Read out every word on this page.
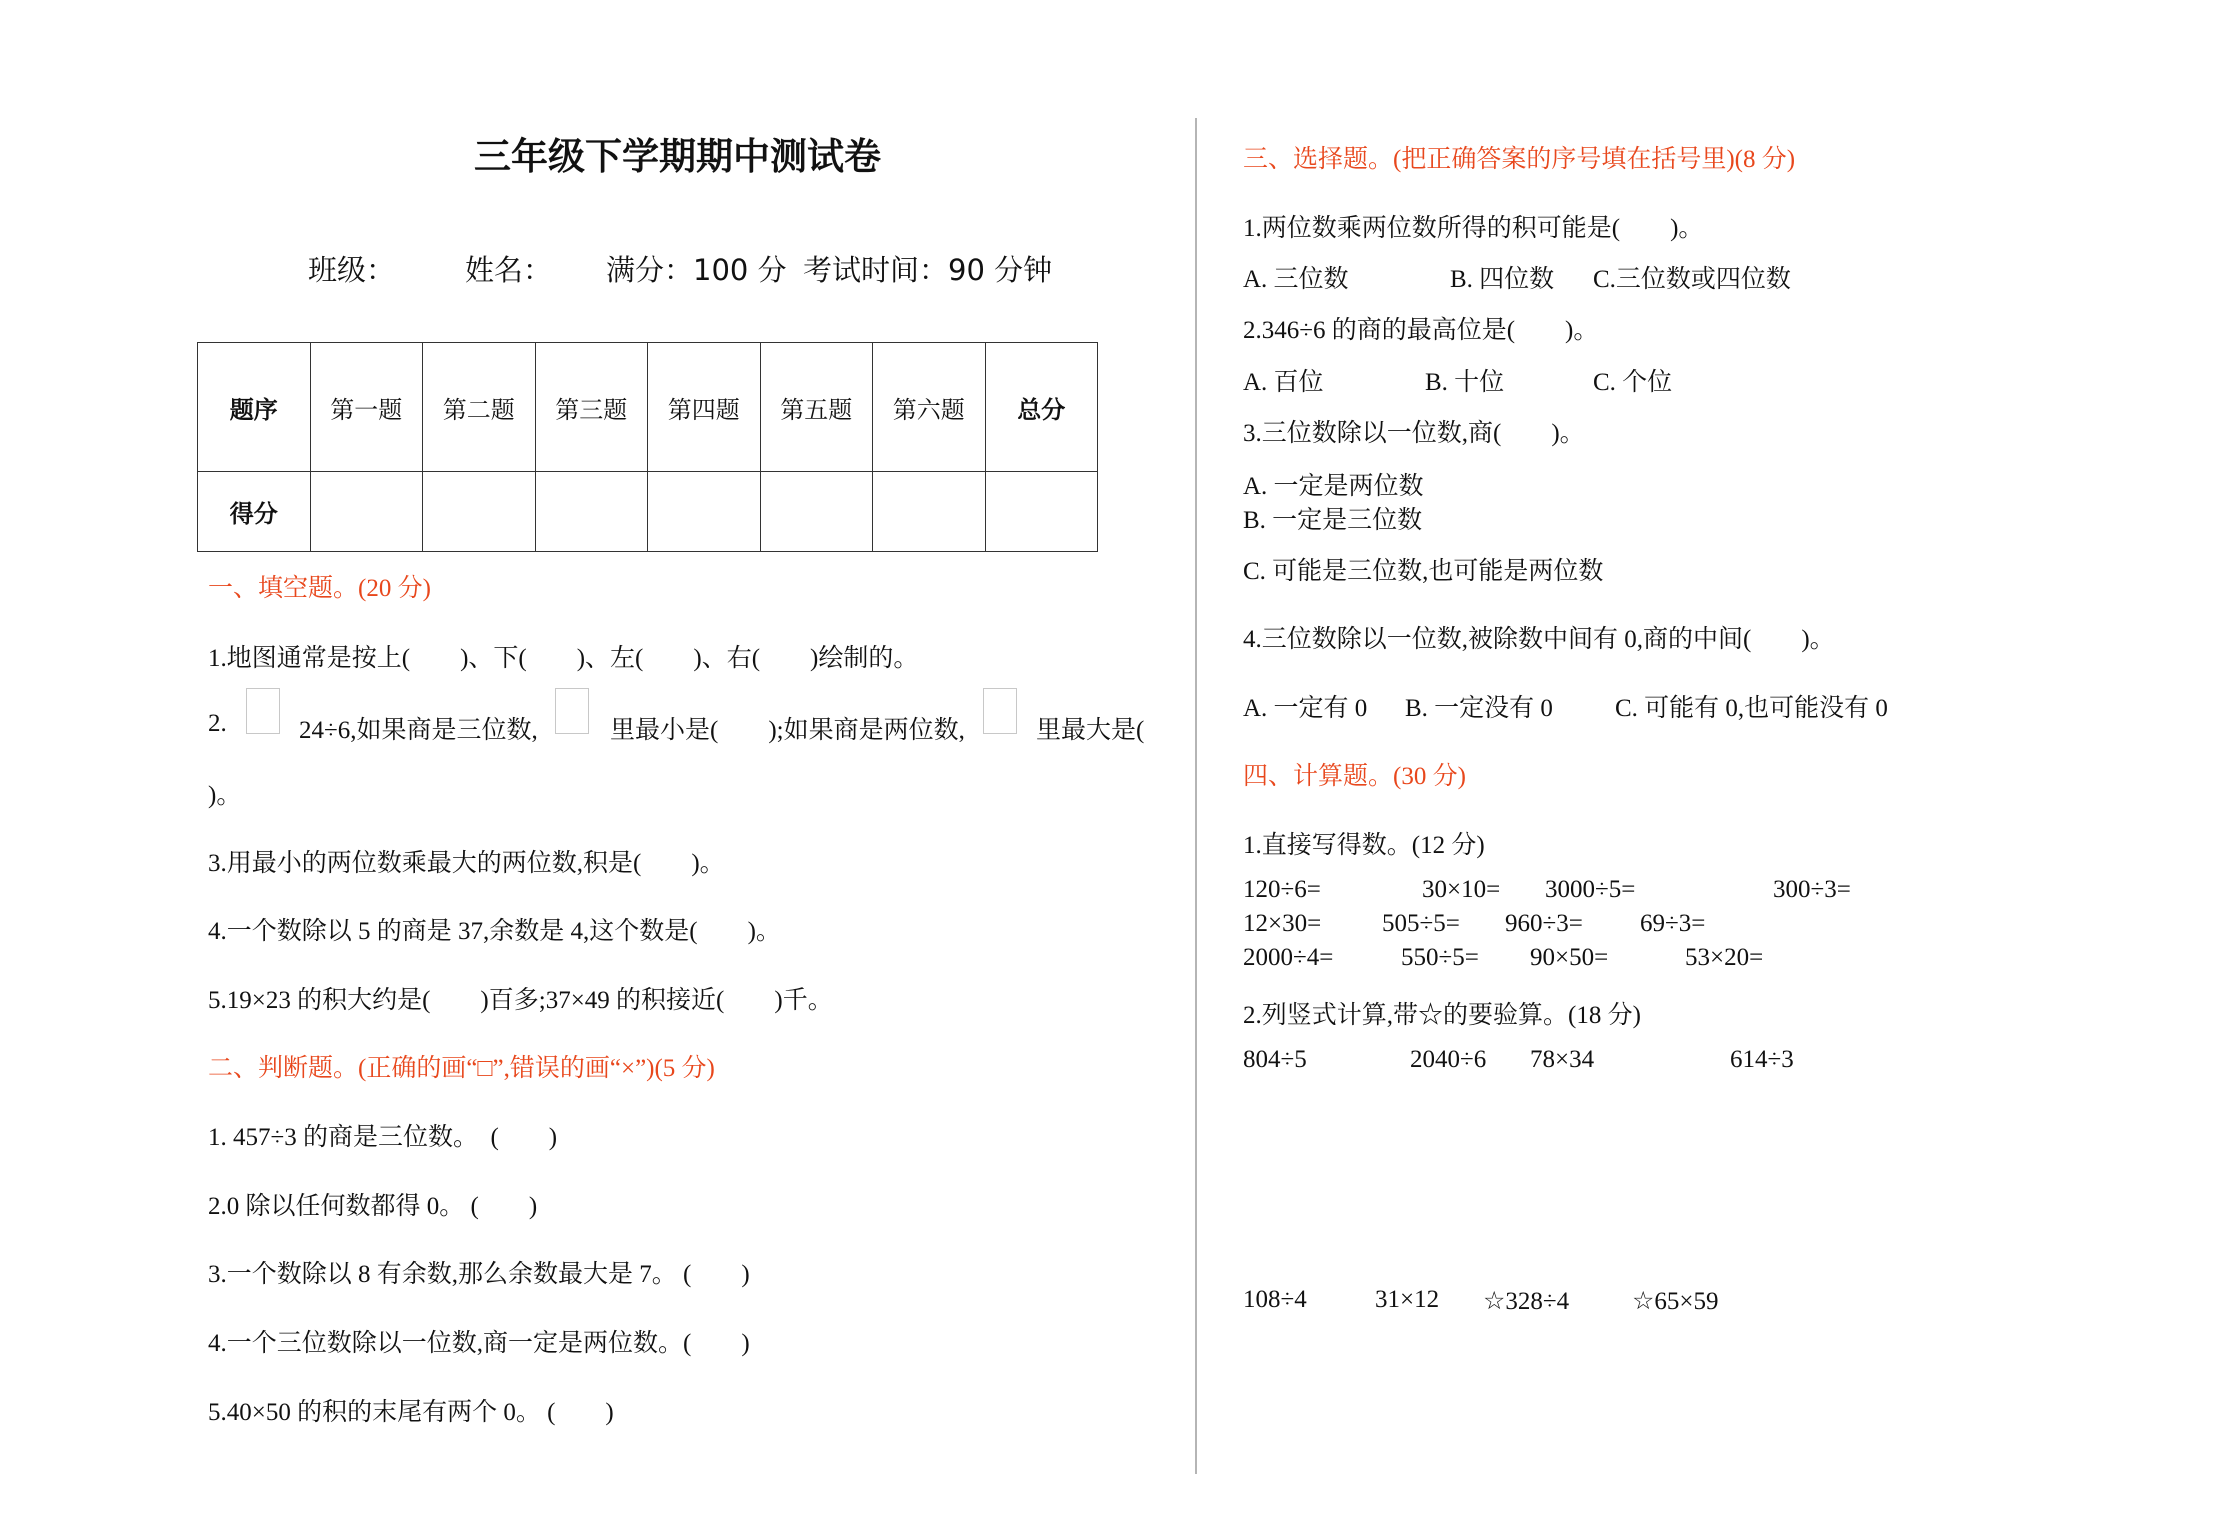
三年级下学期期中测试卷
班级： 姓名： 满分：100 分 考试时间：90 分钟
题序	第一题	第二题	第三题	第四题	第五题	第六题	总分
得分							
一、填空题。(20 分)
1.地图通常是按上(　　)、下(　　)、左(　　)、右(　　)绘制的。
2.	24÷6,如果商是三位数,	里最小是(　　);如果商是两位数,	里最大是(
)。
3.用最小的两位数乘最大的两位数,积是(　　)。
4.一个数除以 5 的商是 37,余数是 4,这个数是(　　)。
5.19×23 的积大约是(　　)百多;37×49 的积接近(　　)千。
二、判断题。(正确的画“□”,错误的画“×”)(5 分)
1. 457÷3 的商是三位数。　(　　)
2.0 除以任何数都得 0。 (　　)
3.一个数除以 8 有余数,那么余数最大是 7。 (　　)
4.一个三位数除以一位数,商一定是两位数。(　　)
5.40×50 的积的末尾有两个 0。 (　　)
三、选择题。(把正确答案的序号填在括号里)(8 分)
1.两位数乘两位数所得的积可能是(　　)。
A. 三位数	B. 四位数 C.三位数或四位数
2.346÷6 的商的最高位是(　　)。
A. 百位	B. 十位	C. 个位
3.三位数除以一位数,商(　　)。
A. 一定是两位数
B. 一定是三位数
C. 可能是三位数,也可能是两位数
4.三位数除以一位数,被除数中间有 0,商的中间(　　)。
A. 一定有 0 B. 一定没有 0 C. 可能有 0,也可能没有 0
四、计算题。(30 分)
1.直接写得数。(12 分)
120÷6=	30×10= 3000÷5=	300÷3=
12×30= 505÷5= 960÷3= 69÷3=
2000÷4=	550÷5= 90×50=	53×20=
2.列竖式计算,带☆的要验算。(18 分)
804÷5	2040÷6 78×34	614÷3
108÷4	31×12 ☆328÷4	☆65×59
